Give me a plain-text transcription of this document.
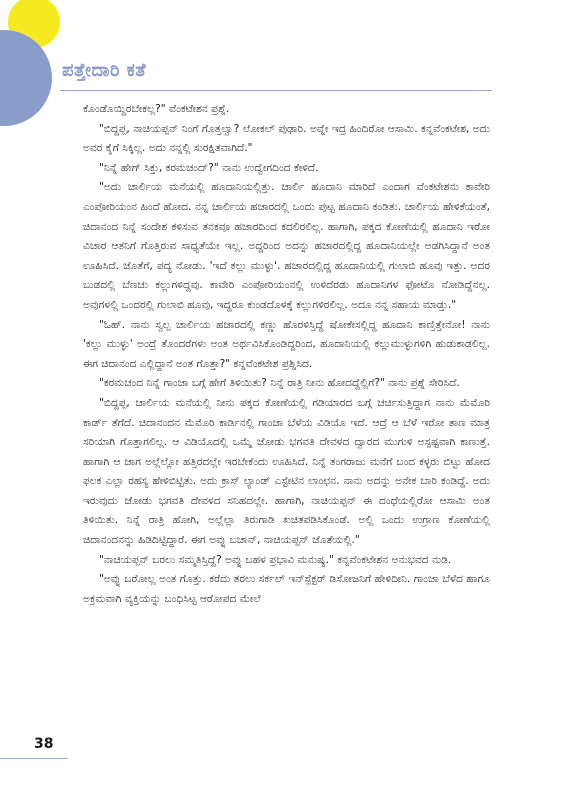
ಪತ್ತೇದಾರಿ ಕತೆ

ಕೊಂಡೊಯ್ದಿರಬೇಕಲ್ಲ?" ವೆಂಕಟೇಶನ ಪ್ರಶ್ನೆ.

"ಬಿದ್ದಪ್ಪ, ನಾಚಿಯಪ್ಪನ್ ನಿಂಗೆ ಗೊತ್ತಲ್ವಾ? ಲೋಕಲ್ ಪುಢಾರಿ. ಅವ್ನೇ ಇದ್ರ ಹಿಂದಿರೋ ಆಸಾಮಿ. ಕನ್ನವೆಂಕಟೇಶ, ಅದು ಅವರ ಕೈಗೆ ಸಿಕ್ಕಿಲ್ಲ. ಅದು ನನ್ನಲ್ಲಿ ಸುರಕ್ಷಿತವಾಗಿದೆ."

"ನಿನ್ನೆ ಹೇಗ್ ಸಿಕ್ತು, ಕರಮಚಂದ್?" ನಾನು ಉದ್ವೇಗದಿಂದ ಕೇಳಿದೆ.

"ಅದು ಚಾರ್ಲಿಯ ಮನೆಯಲ್ಲಿ ಹೂದಾನಿಯಲ್ಲಿತ್ತು. ಚಾರ್ಲಿ ಹೂದಾನಿ ಮಾರಿದೆ ಎಂದಾಗ ವೆಂಕಟೇಶನು ಕಾವೇರಿ ಎಂಪೋರಿಯಂನ ಹಿಂದೆ ಹೋದ. ನನ್ನ ಚಾರ್ಲಿಯ ಹಜಾರದಲ್ಲಿ ಒಂದು ಪುಟ್ಟ ಹೂದಾನಿ ಕಂಡಿತು. ಚಾರ್ಲಿಯ ಹೇಳಿಕೆಯಂತೆ, ಚಿದಾನಂದ ನಿನ್ನೆ ಸಂದೇಶ ಕಳಿಸುವ ತನಕವೂ ಹಜಾರದಿಂದ ಕದಲಿರಲಿಲ್ಲ. ಹಾಗಾಗಿ, ಪಕ್ಕದ ಕೋಣೆಯಲ್ಲಿ ಹೂದಾನಿ ಇರೋ ವಿಚಾರ ಆತನಿಗೆ ಗೊತ್ತಿರುವ ಸಾಧ್ಯತೆಯೇ ಇಲ್ಲ. ಅದ್ದರಿಂದ ಅದನ್ನು ಹಜಾರದಲ್ಲಿದ್ದ ಹೂದಾನಿಯಲ್ಲೇ ಅಡಗಿಸಿದ್ದಾನೆ ಅಂತ ಊಹಿಸಿದೆ. ಜೊತೆಗೆ, ಪದ್ಯ ನೋಡು. 'ಇದೆ ಕಲ್ಲು ಮುಳ್ಳು'. ಹಜಾರದಲ್ಲಿದ್ದ ಹೂದಾನಿಯಲ್ಲಿ ಗುಲಾಬಿ ಹೂವು ಇತ್ತು. ಅದರ ಬುಡದಲ್ಲಿ ಬೆಣಚು ಕಲ್ಲುಗಳಿದ್ದವು. ಕಾವೇರಿ ಎಂಪೋರಿಯಂನಲ್ಲಿ ಉಳಿದೆರಡು ಹೂದಾನಿಗಳ ಫೋಟೊ ನೋಡಿದ್ದೆನಲ್ಲ. ಅವುಗಳಲ್ಲಿ ಒಂದರಲ್ಲಿ ಗುಲಾಬಿ ಹೂವು, ಇದ್ದರೂ ಕುಂಡದೊಳಕ್ಕೆ ಕಲ್ಲುಗಳಿರಲಿಲ್ಲ. ಅದೂ ನನ್ನ ಸಹಾಯ ಮಾಡ್ತು."

"ಓಹ್. ನಾನು ಸ್ವಲ್ಪ ಚಾರ್ಲಿಯ ಹಜಾರದಲ್ಲಿ ಕಣ್ಣು ಹೊರಳಿಸ್ತಿದ್ದೆ ಷೋಕೇಸಲ್ಲಿದ್ದ ಹೂದಾನಿ ಕಾಣ್ತಿತ್ತೇನೋ! ನಾನು 'ಕಲ್ಲು ಮುಳ್ಳು' ಅಂದ್ರೆ ತೊಂದರೆಗಳು ಅಂತ ಅರ್ಥವಿಸಿಕೊಂಡಿದ್ದರಿಂದ, ಹೂದಾನಿಯಲ್ಲಿ ಕಲ್ಲುಮುಳ್ಳುಗಳಿಗಿ ಹುಡುಕಾಡಲಿಲ್ಲ. ಈಗ ಚಿದಾನಂದ ಎಲ್ಲಿದ್ದಾನೆ ಅಂತ ಗೊತ್ತಾ?" ಕನ್ನವೆಂಕಟೇಶ ಪ್ರಶ್ನಿಸಿದ.

"ಕರಮಚಂದ ನಿನ್ನೆ ಗಾಂಜಾ ಬಗ್ಗೆ ಹೇಗೆ ತಿಳಿಯಿತು? ನಿನ್ನೆ ರಾತ್ರಿ ನೀನು ಹೋದದ್ದೆಲ್ಲಿಗೆ?" ನಾನು ಪ್ರಶ್ನೆ ಸೇರಿಸಿದೆ.

"ಬಿದ್ದಪ್ಪ, ಚಾರ್ಲಿಯ ಮನೆಯಲ್ಲಿ ನೀನು ಪಕ್ಕದ ಕೋಣೆಯಲ್ಲಿ ಗಡಿಯಾರದ ಬಗ್ಗೆ ಚರ್ಚಿಸುತ್ತಿದ್ದಾಗ ನಾನು ಮೆಮೊರಿ ಕಾರ್ಡ್ ತೆಗೆದೆ. ಚಿದಾನಂದನ ಮೆಮೊರಿ ಕಾರ್ಡಿನಲ್ಲಿ ಗಾಂಜಾ ಬೆಳೆಯ ವಿಡಿಯೊ ಇದೆ. ಆದ್ರೆ ಆ ಬೆಳೆ ಇರೋ ತಾಣ ಮಾತ್ರ ಸರಿಯಾಗಿ ಗೊತ್ತಾಗಲಿಲ್ಲ. ಆ ವಿಡಿಯೊದಲ್ಲಿ ಒಮ್ಮೆ ಜೋಡು ಭಗವತಿ ದೇವಳದ ದ್ವಾರದ ಮುಗುಳಿ ಅಸ್ಪಷ್ಟವಾಗಿ ಕಾಣುತ್ತೆ. ಹಾಗಾಗಿ ಆ ಜಾಗ ಅಲ್ಲೆಲ್ಲೋ ಹತ್ತಿರದಲ್ಲೇ ಇರಬೇಕೆಂದು ಊಹಿಸಿದೆ. ನಿನ್ನೆ ತಂಗರಾಜು ಮನೆಗೆ ಬಂದ ಕಳ್ಳರು ಬಿಟ್ಟು ಹೋದ ಫಲಕ ಎಲ್ಲಾ ರಹಸ್ಯ ಹೇಳಿಬಿಟ್ಟಿತು. ಅದು ಕ್ರಾಸ್ ಲ್ಯಾಂಡ್ ಎಸ್ಟೇಟಿನ ಲಾಂಛನ. ನಾನು ಅದನ್ನು ಅನೇಕ ಬಾರಿ ಕಂಡಿದ್ದೆ. ಅದು ಇರುವುದು ಜೋಡು ಭಗವತಿ ದೇವಳದ ಸನಿಹದಲ್ಲೇ. ಹಾಗಾಗಿ, ನಾಚಿಯಪ್ಪನ್ ಈ ದಂಧೆಯಲ್ಲಿರೋ ಆಸಾಮಿ ಅಂತ ತಿಳಿಯಿತು. ನಿನ್ನೆ ರಾತ್ರಿ ಹೋಗಿ, ಅಲ್ಲೆಲ್ಲಾ ತಿರುಗಾಡಿ ಖಚಿತಪಡಿಸಿಕೊಂಡೆ. ಅಲ್ಲಿ ಒಂದು ಉಗ್ರಾಣ ಕೋಣೆಯಲ್ಲಿ ಚಿದಾನಂದನನ್ನು ಹಿಡಿದಿಟ್ಟಿದ್ದಾರೆ. ಈಗ ಅವ್ನು ಬಚಾನ್, ನಾಚಿಯಪ್ಪನ್ ಜೊತೆಯಲ್ಲಿ."

"ನಾಚಿಯಪ್ಪನ್ ಬರಲು ಸಮ್ಮತಿಸ್ತಿದ್ದೆ? ಅವ್ನು ಬಹಳ ಪ್ರಭಾವಿ ಮನುಷ್ಯ." ಕನ್ನವೆಂಕಟೇಶನ ಅನುಭವದ ನುಡಿ.

"ಅವ್ನು ಬರೋಲ್ಲ ಅಂತ ಗೊತ್ತು. ಕರೆದು ತರಲು ಸರ್ಕಲ್ ಇನ್‌ಸ್ಪೆಕ್ಟರ್ ಡಿಸೋಜನಿಗೆ ಹೇಳಿದೀನಿ. ಗಾಂಜಾ ಬೆಳೆದ ಹಾಗೂ ಅಕ್ರಮವಾಗಿ ವ್ಯಕ್ತಿಯನ್ನು ಬಂಧಿಸಿಟ್ಟ ಆರೋಪದ ಮೇಲೆ

38
